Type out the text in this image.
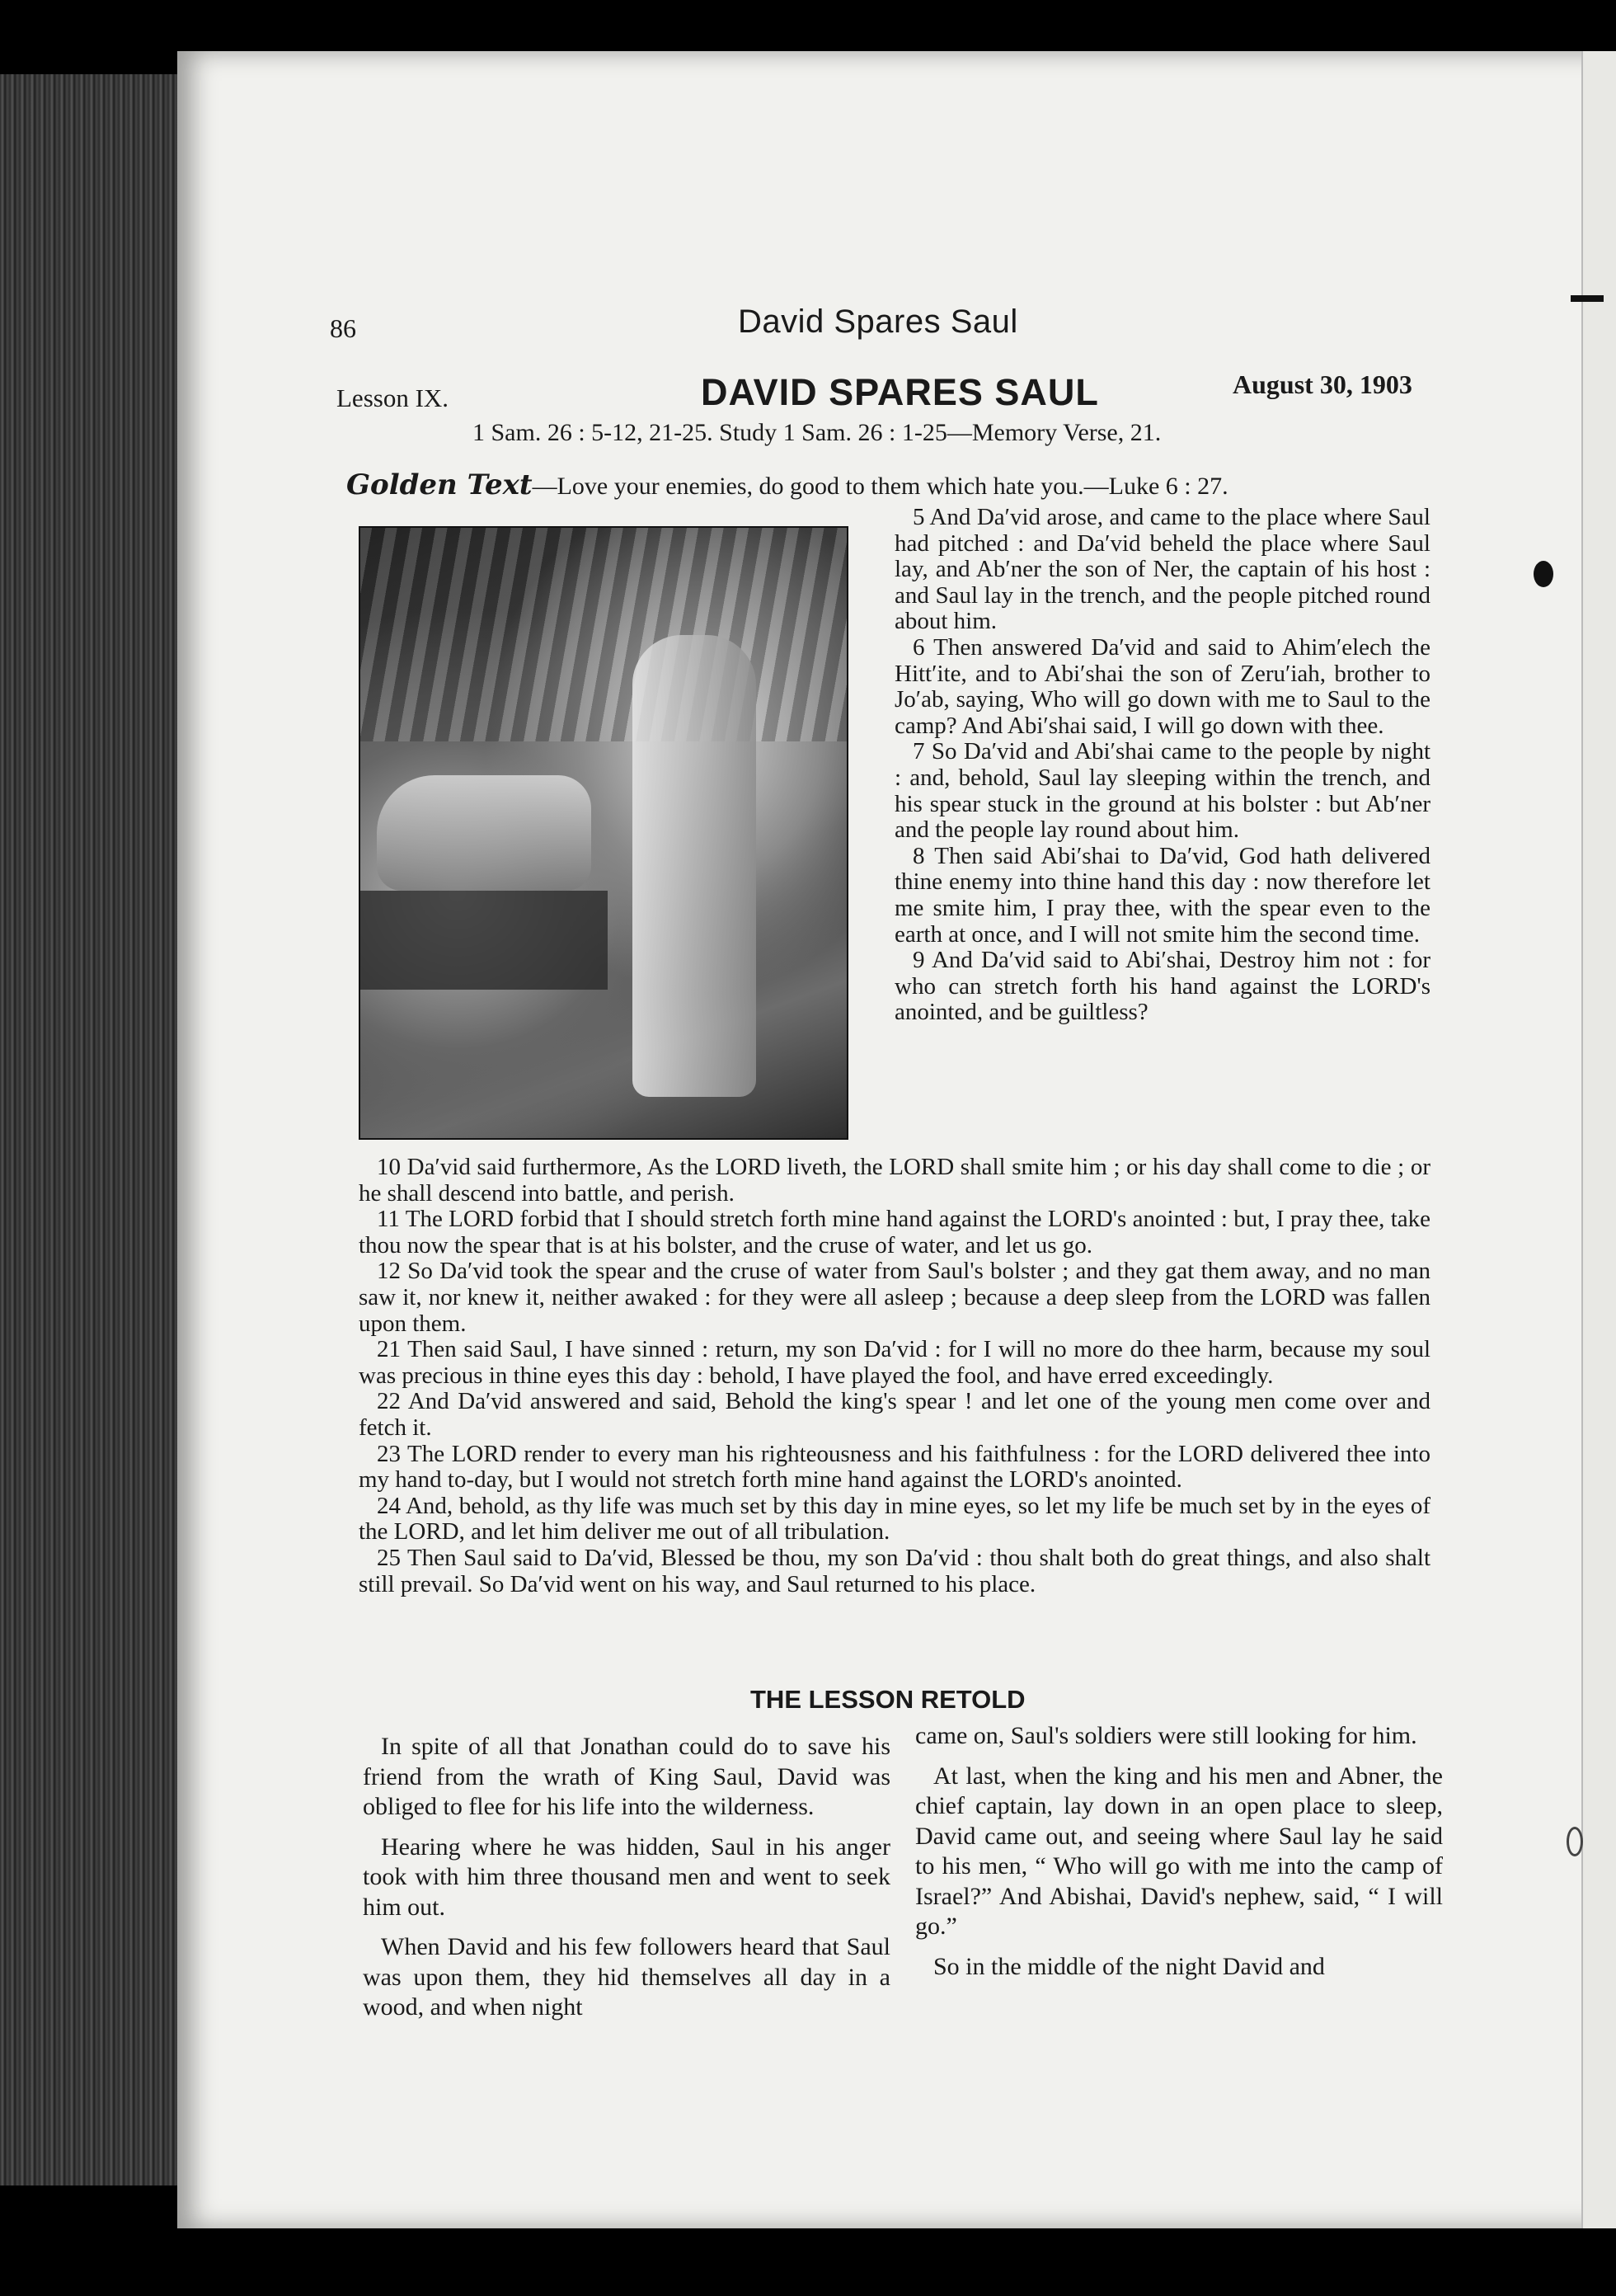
86	David Spares Saul
Lesson IX.	DAVID SPARES SAUL	August 30, 1903
1 Sam. 26 : 5-12, 21-25. Study 1 Sam. 26 : 1-25—Memory Verse, 21.
Golden Text—Love your enemies, do good to them which hate you.—Luke 6 : 27.

5 And Da′vid arose, and came to the place where Saul had pitched : and Da′vid beheld the place where Saul lay, and Ab′ner the son of Ner, the captain of his host : and Saul lay in the trench, and the people pitched round about him.

6 Then answered Da′vid and said to Ahim′elech the Hitt′ite, and to Abi′shai the son of Zeru′iah, brother to Jo′ab, saying, Who will go down with me to Saul to the camp? And Abi′shai said, I will go down with thee.

7 So Da′vid and Abi′shai came to the people by night : and, behold, Saul lay sleeping within the trench, and his spear stuck in the ground at his bolster : but Ab′ner and the people lay round about him.

8 Then said Abi′shai to Da′vid, God hath delivered thine enemy into thine hand this day : now therefore let me smite him, I pray thee, with the spear even to the earth at once, and I will not smite him the second time.

9 And Da′vid said to Abi′shai, Destroy him not : for who can stretch forth his hand against the LORD's anointed, and be guiltless?

10 Da′vid said furthermore, As the LORD liveth, the LORD shall smite him ; or his day shall come to die ; or he shall descend into battle, and perish.

11 The LORD forbid that I should stretch forth mine hand against the LORD's anointed : but, I pray thee, take thou now the spear that is at his bolster, and the cruse of water, and let us go.

12 So Da′vid took the spear and the cruse of water from Saul's bolster ; and they gat them away, and no man saw it, nor knew it, neither awaked : for they were all asleep ; because a deep sleep from the LORD was fallen upon them.

21 Then said Saul, I have sinned : return, my son Da′vid : for I will no more do thee harm, because my soul was precious in thine eyes this day : behold, I have played the fool, and have erred exceedingly.

22 And Da′vid answered and said, Behold the king's spear ! and let one of the young men come over and fetch it.

23 The LORD render to every man his righteousness and his faithfulness : for the LORD delivered thee into my hand to-day, but I would not stretch forth mine hand against the LORD's anointed.

24 And, behold, as thy life was much set by this day in mine eyes, so let my life be much set by in the eyes of the LORD, and let him deliver me out of all tribulation.

25 Then Saul said to Da′vid, Blessed be thou, my son Da′vid : thou shalt both do great things, and also shalt still prevail. So Da′vid went on his way, and Saul returned to his place.

THE LESSON RETOLD

In spite of all that Jonathan could do to save his friend from the wrath of King Saul, David was obliged to flee for his life into the wilderness.

Hearing where he was hidden, Saul in his anger took with him three thousand men and went to seek him out.

When David and his few followers heard that Saul was upon them, they hid themselves all day in a wood, and when night

came on, Saul's soldiers were still looking for him.

At last, when the king and his men and Abner, the chief captain, lay down in an open place to sleep, David came out, and seeing where Saul lay he said to his men, “ Who will go with me into the camp of Israel?” And Abishai, David's nephew, said, “ I will go.”

So in the middle of the night David and
